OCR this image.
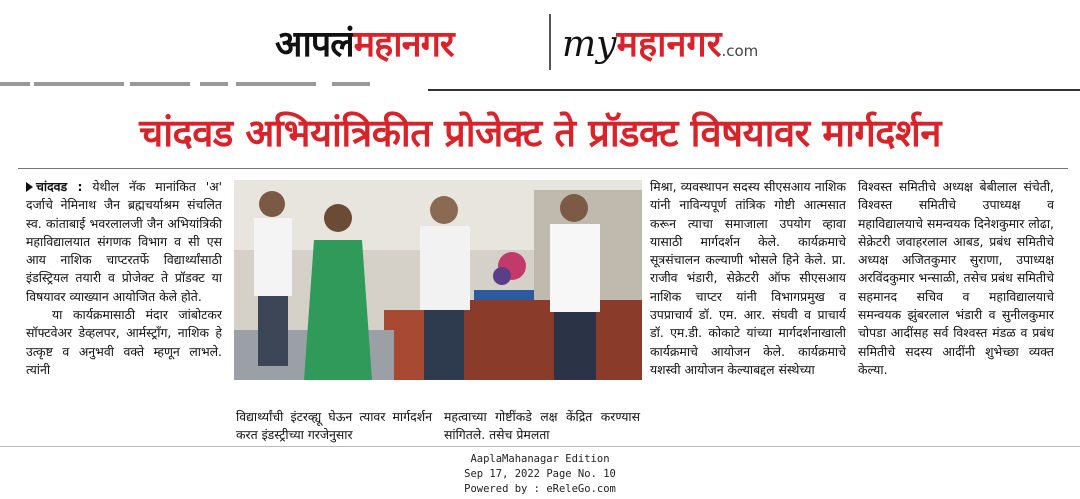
आपलंमहानगर	myमहानगर.com
चांदवड अभियांत्रिकीत प्रोजेक्ट ते प्रॉडक्ट विषयावर मार्गदर्शन

चांदवड : येथील नॅक मानांकित 'अ' दर्जाचे नेमिनाथ जैन ब्रह्मचर्याश्रम संचलित स्व. कांताबाई भवरलालजी जैन अभियांत्रिकी महाविद्यालयात संगणक विभाग व सी एस आय नाशिक चाप्टरतर्फे विद्यार्थ्यांसाठी इंडस्ट्रियल तयारी व प्रोजेक्ट ते प्रॉडक्ट या विषयावर व्याख्यान आयोजित केले होते.

या कार्यक्रमासाठी मंदार जांबोटकर सॉफ्टवेअर डेव्हलपर, आर्मस्ट्रॉंग, नाशिक हे उत्कृष्ट व अनुभवी वक्ते म्हणून लाभले. त्यांनी

विद्यार्थ्यांची इंटरव्ह्यू घेऊन त्यावर मार्गदर्शन करत इंडस्ट्रीच्या गरजेनुसार
महत्वाच्या गोष्टींकडे लक्ष केंद्रित करण्यास सांगितले. तसेच प्रेमलता
मिश्रा, व्यवस्थापन सदस्य सीएसआय नाशिक यांनी नाविन्यपूर्ण तांत्रिक गोष्टी आत्मसात करून त्याचा समाजाला उपयोग व्हावा यासाठी मार्गदर्शन केले. कार्यक्रमाचे सूत्रसंचालन कल्याणी भोसले हिने केले. प्रा. राजीव भंडारी, सेक्रेटरी ऑफ सीएसआय नाशिक चाप्टर यांनी विभागप्रमुख व उपप्राचार्य डॉ. एम. आर. संघवी व प्राचार्य डॉ. एम.डी. कोकाटे यांच्या मार्गदर्शनाखाली कार्यक्रमाचे आयोजन केले. कार्यक्रमाचे यशस्वी आयोजन केल्याबद्दल संस्थेच्या
विश्वस्त समितीचे अध्यक्ष बेबीलाल संचेती, विश्वस्त समितीचे उपाध्यक्ष व महाविद्यालयाचे समन्वयक दिनेशकुमार लोढा, सेक्रेटरी जवाहरलाल आबड, प्रबंध समितीचे अध्यक्ष अजितकुमार सुराणा, उपाध्यक्ष अरविंदकुमार भन्साळी, तसेच प्रबंध समितीचे सहमानद सचिव व महाविद्यालयाचे समन्वयक झुंबरलाल भंडारी व सुनीलकुमार चोपडा आदींसह सर्व विश्वस्त मंडळ व प्रबंध समितीचे सदस्य आदींनी शुभेच्छा व्यक्त केल्या.
AaplaMahanagar Edition
Sep 17, 2022 Page No. 10
Powered by : eReleGo.com
